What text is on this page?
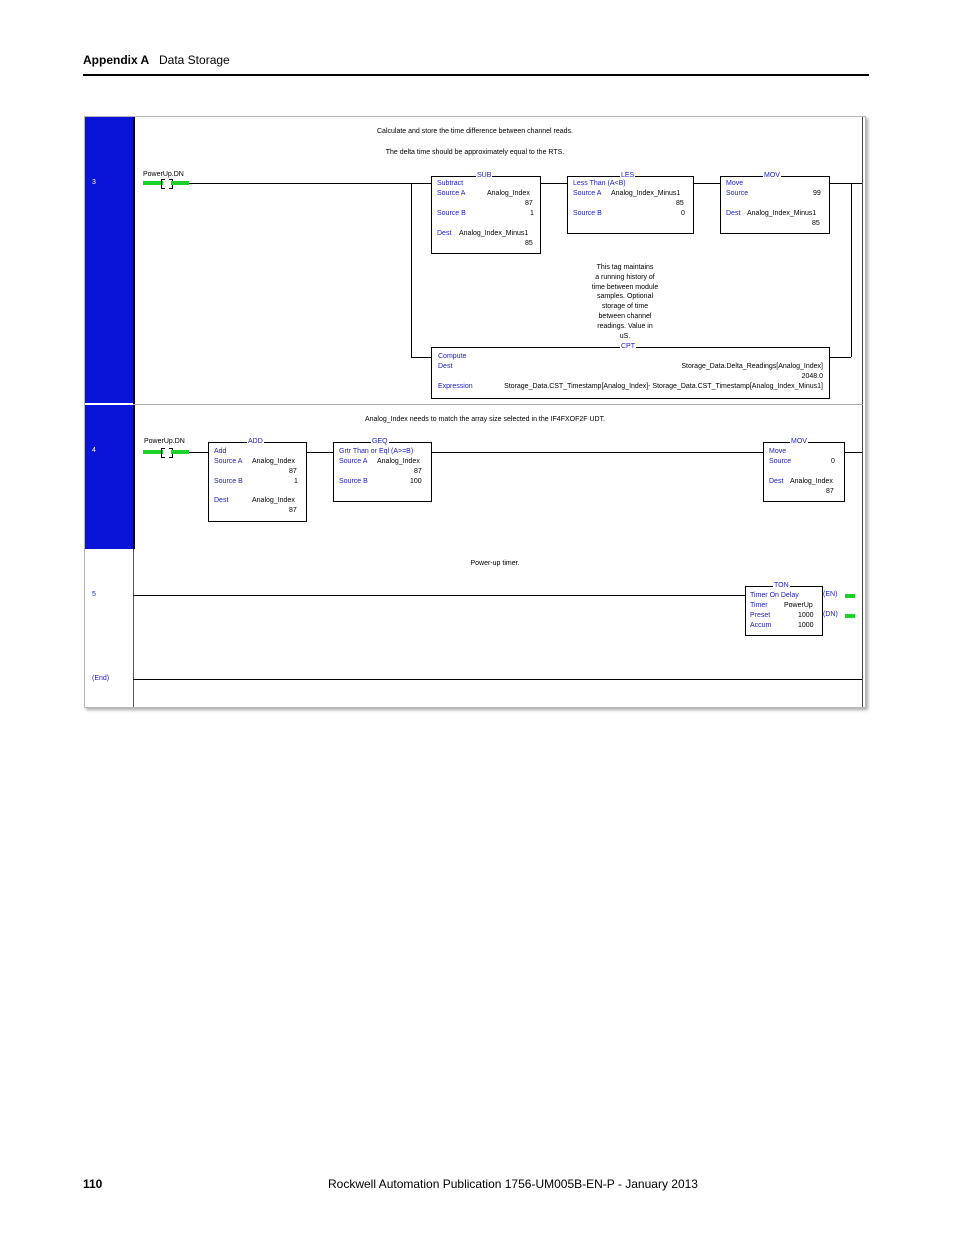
Appendix A Data Storage
3
Calculate and store the time difference between channel reads.
The delta time should be approximately equal to the RTS.
PowerUp.DN	SUB
Subtract
Source A	Analog_Index
87
Source B	1
Dest Analog_Index_Minus1
85
LES
Less Than (A<B)
Source A Analog_Index_Minus1
85
Source B	0
MOV
Move
Source	99
Dest Analog_Index_Minus1
85
This tag maintains
a running history of
time between module
samples. Optional
storage of time
between channel
readings. Value in
uS.
CPT
Compute
Dest	Storage_Data.Delta_Readings[Analog_Index]
2048.0
Expression	Storage_Data.CST_Timestamp[Analog_Index]- Storage_Data.CST_Timestamp[Analog_Index_Minus1]
4
Analog_Index needs to match the array size selected in the IF4FXOF2F UDT.
PowerUp.DN	ADD
Add
Source A Analog_Index
87
Source B	1
Dest	Analog_Index
87
GEQ
Grtr Than or Eql (A>=B)
Source A Analog_Index
87
Source B	100
MOV
Move
Source	0
Dest Analog_Index
87
5
Power-up timer.
TON
Timer On Delay
Timer PowerUp
Preset	1000
Accum	1000
(EN)
(DN)
(End)
110	Rockwell Automation Publication 1756-UM005B-EN-P - January 2013
